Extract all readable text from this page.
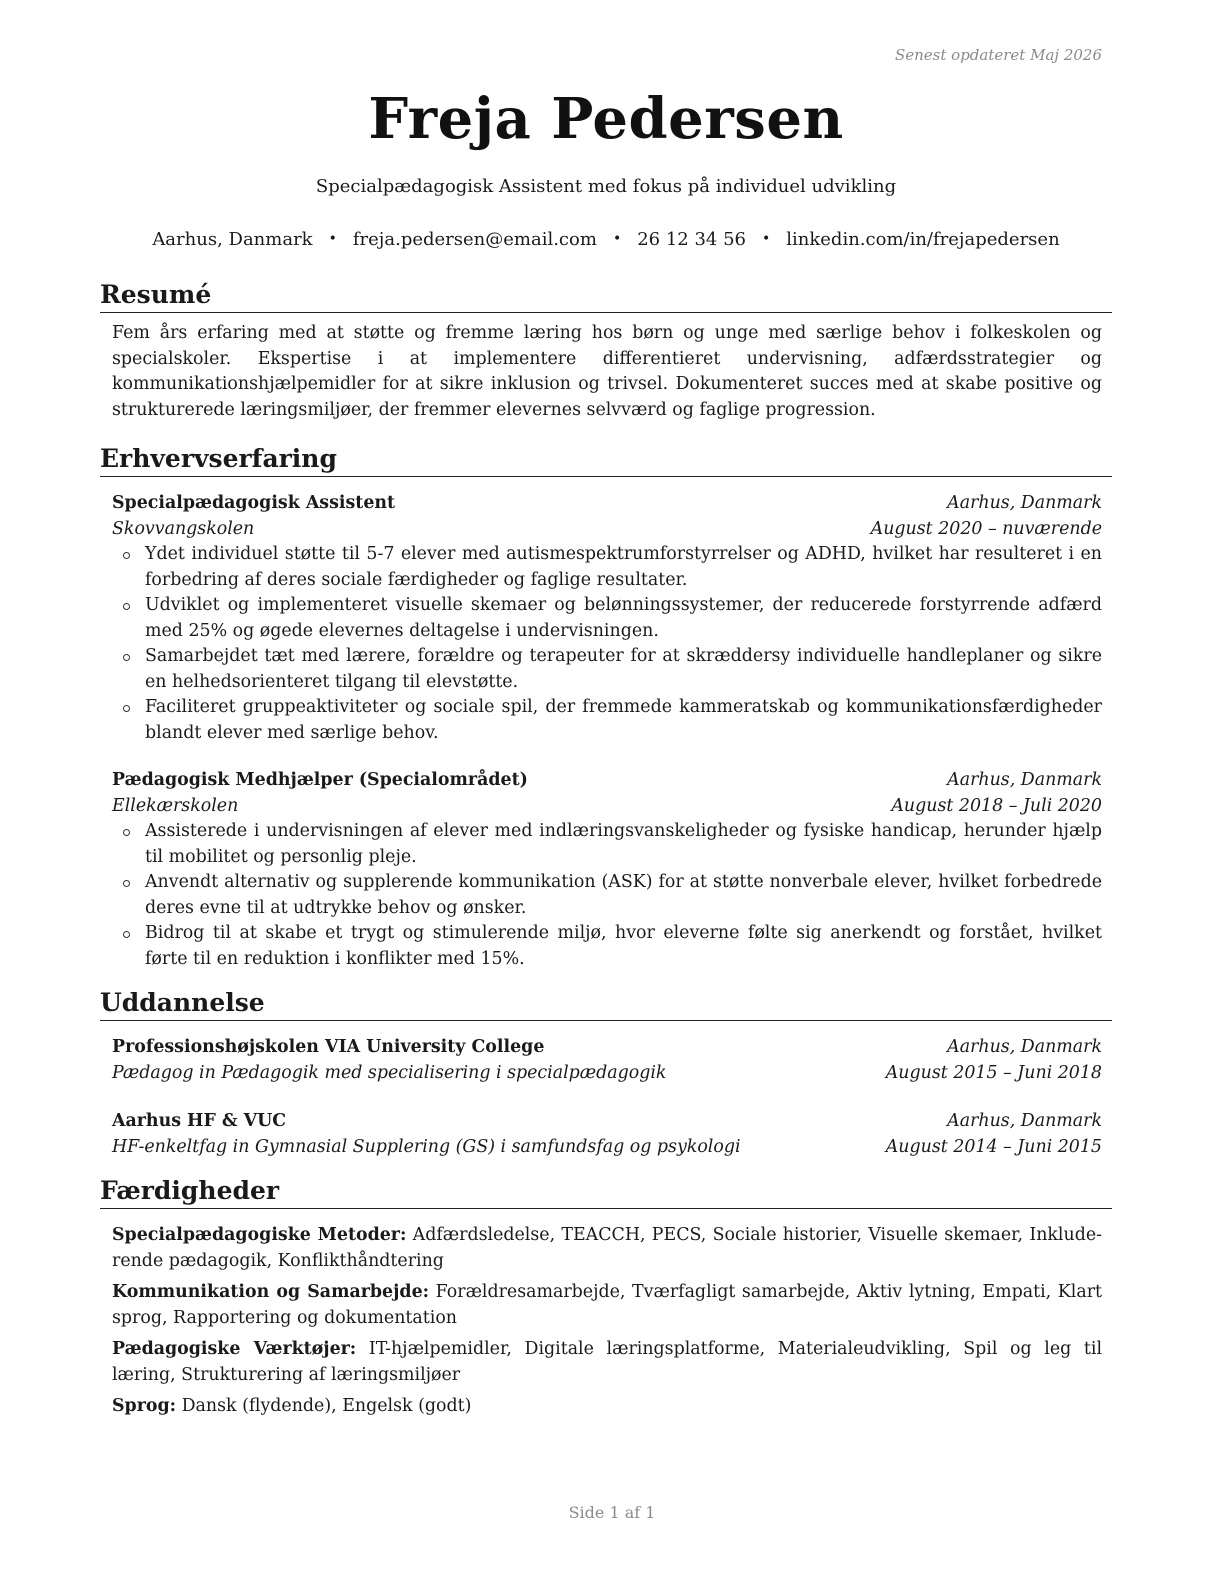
Senest opdateret Maj 2026
Freja Pedersen
Specialpædagogisk Assistent med fokus på individuel udvikling
Aarhus, Danmark • freja.pedersen@email.com • 26 12 34 56 • linkedin.com/in/frejapedersen
Resumé
Fem års erfaring med at støtte og fremme læring hos børn og unge med særlige behov i folkeskolen og specialskoler. Ekspertise i at implementere differentieret undervisning, adfærdsstrategier og kommunikationshjælpemidler for at sikre inklusion og trivsel. Dokumenteret succes med at skabe positive og strukturerede læringsmiljøer, der fremmer elevernes selvværd og faglige progression.
Erhvervserfaring
Specialpædagogisk Assistent	Aarhus, Danmark
Skovvangskolen	August 2020 – nuværende
Ydet individuel støtte til 5-7 elever med autismespektrumforstyrrelser og ADHD, hvilket har resulteret i en forbedring af deres sociale færdigheder og faglige resultater.
Udviklet og implementeret visuelle skemaer og belønningssystemer, der reducerede forstyrrende adfærd med 25% og øgede elevernes deltagelse i undervisningen.
Samarbejdet tæt med lærere, forældre og terapeuter for at skræddersy individuelle handleplaner og sikre en helhedsorienteret tilgang til elevstøtte.
Faciliteret gruppeaktiviteter og sociale spil, der fremmede kammeratskab og kommunikationsfærdigheder blandt elever med særlige behov.
Pædagogisk Medhjælper (Specialområdet)	Aarhus, Danmark
Ellekærskolen	August 2018 – Juli 2020
Assisterede i undervisningen af elever med indlæringsvanskeligheder og fysiske handicap, herunder hjælp til mobilitet og personlig pleje.
Anvendt alternativ og supplerende kommunikation (ASK) for at støtte nonverbale elever, hvilket forbedrede deres evne til at udtrykke behov og ønsker.
Bidrog til at skabe et trygt og stimulerende miljø, hvor eleverne følte sig anerkendt og forstået, hvilket førte til en reduktion i konflikter med 15%.
Uddannelse
Professionshøjskolen VIA University College	Aarhus, Danmark
Pædagog in Pædagogik med specialisering i specialpædagogik	August 2015 – Juni 2018
Aarhus HF & VUC	Aarhus, Danmark
HF-enkeltfag in Gymnasial Supplering (GS) i samfundsfag og psykologi	August 2014 – Juni 2015
Færdigheder
Specialpædagogiske Metoder: Adfærdsledelse, TEACCH, PECS, Sociale historier, Visuelle skemaer, Inkluderende pædagogik, Konflikthåndtering
Kommunikation og Samarbejde: Forældresamarbejde, Tværfagligt samarbejde, Aktiv lytning, Empati, Klart sprog, Rapportering og dokumentation
Pædagogiske Værktøjer: IT-hjælpemidler, Digitale læringsplatforme, Materialeudvikling, Spil og leg til læring, Strukturering af læringsmiljøer
Sprog: Dansk (flydende), Engelsk (godt)
Side 1 af 1
